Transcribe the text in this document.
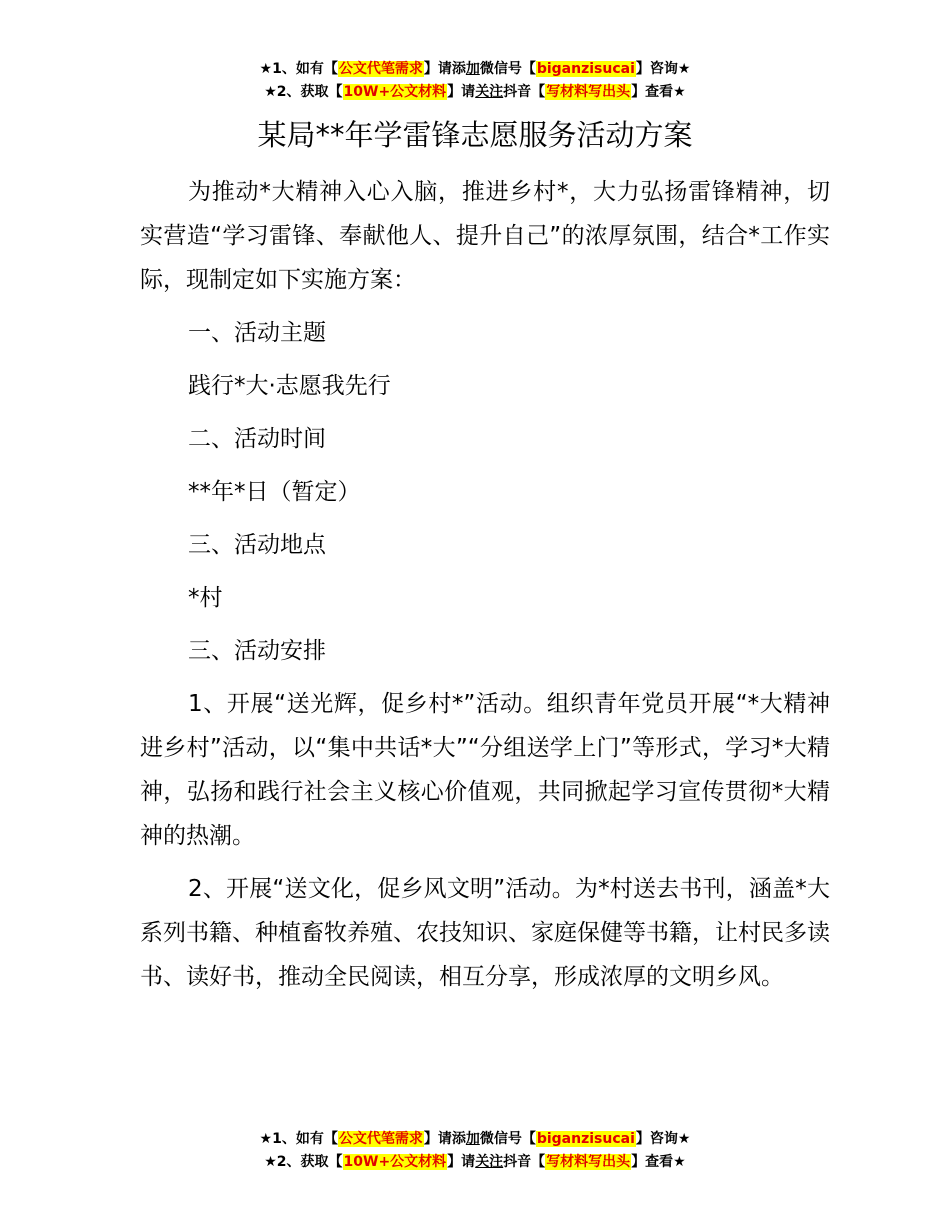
★1、如有【公文代笔需求】请添加微信号【biganzisucai】咨询★
★2、获取【10W+公文材料】请关注抖音【写材料写出头】查看★
某局**年学雷锋志愿服务活动方案

为推动*大精神入心入脑，推进乡村*，大力弘扬雷锋精神，切实营造“学习雷锋、奉献他人、提升自己”的浓厚氛围，结合*工作实际，现制定如下实施方案：

一、活动主题
践行*大·志愿我先行
二、活动时间
**年*日（暂定）
三、活动地点
*村
三、活动安排

1、开展“送光辉，促乡村*”活动。组织青年党员开展“*大精神进乡村”活动，以“集中共话*大”“分组送学上门”等形式，学习*大精神，弘扬和践行社会主义核心价值观，共同掀起学习宣传贯彻*大精神的热潮。

2、开展“送文化，促乡风文明”活动。为*村送去书刊，涵盖*大系列书籍、种植畜牧养殖、农技知识、家庭保健等书籍，让村民多读书、读好书，推动全民阅读，相互分享，形成浓厚的文明乡风。

★1、如有【公文代笔需求】请添加微信号【biganzisucai】咨询★
★2、获取【10W+公文材料】请关注抖音【写材料写出头】查看★
